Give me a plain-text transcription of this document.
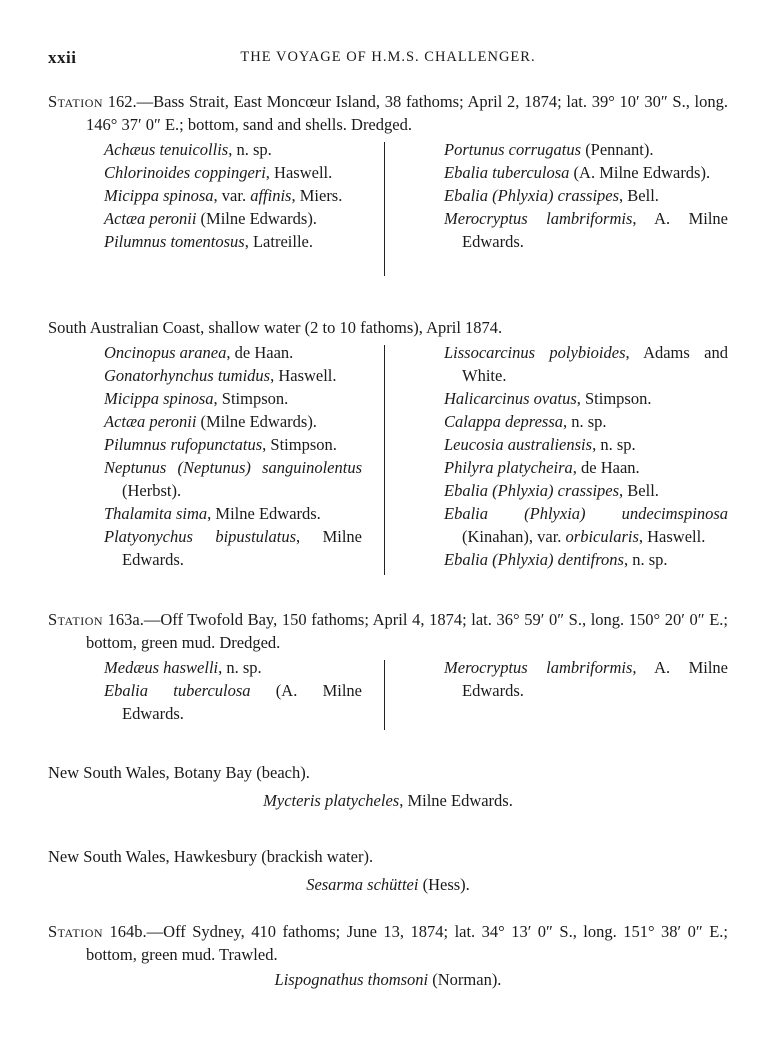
xxii	THE VOYAGE OF H.M.S. CHALLENGER.
Station 162.—Bass Strait, East Moncœur Island, 38 fathoms; April 2, 1874; lat. 39° 10′ 30″ S., long. 146° 37′ 0″ E.; bottom, sand and shells. Dredged.
Achæus tenuicollis, n. sp.
Chlorinoides coppingeri, Haswell.
Micippa spinosa, var. affinis, Miers.
Actæa peronii (Milne Edwards).
Pilumnus tomentosus, Latreille.
Portunus corrugatus (Pennant).
Ebalia tuberculosa (A. Milne Edwards).
Ebalia (Phlyxia) crassipes, Bell.
Merocryptus lambriformis, A. Milne Edwards.
South Australian Coast, shallow water (2 to 10 fathoms), April 1874.
Oncinopus aranea, de Haan.
Gonatorhynchus tumidus, Haswell.
Micippa spinosa, Stimpson.
Actæa peronii (Milne Edwards).
Pilumnus rufopunctatus, Stimpson.
Neptunus (Neptunus) sanguinolentus (Herbst).
Thalamita sima, Milne Edwards.
Platyonychus bipustulatus, Milne Edwards.
Lissocarcinus polybioides, Adams and White.
Halicarcinus ovatus, Stimpson.
Calappa depressa, n. sp.
Leucosia australiensis, n. sp.
Philyra platycheira, de Haan.
Ebalia (Phlyxia) crassipes, Bell.
Ebalia (Phlyxia) undecimspinosa (Kinahan), var. orbicularis, Haswell.
Ebalia (Phlyxia) dentifrons, n. sp.
Station 163a.—Off Twofold Bay, 150 fathoms; April 4, 1874; lat. 36° 59′ 0″ S., long. 150° 20′ 0″ E.; bottom, green mud. Dredged.
Medæus haswelli, n. sp.
Ebalia tuberculosa (A. Milne Edwards.
Merocryptus lambriformis, A. Milne Edwards.
New South Wales, Botany Bay (beach).
Mycteris platycheles, Milne Edwards.
New South Wales, Hawkesbury (brackish water).
Sesarma schüttei (Hess).
Station 164b.—Off Sydney, 410 fathoms; June 13, 1874; lat. 34° 13′ 0″ S., long. 151° 38′ 0″ E.; bottom, green mud. Trawled.
Lispognathus thomsoni (Norman).
